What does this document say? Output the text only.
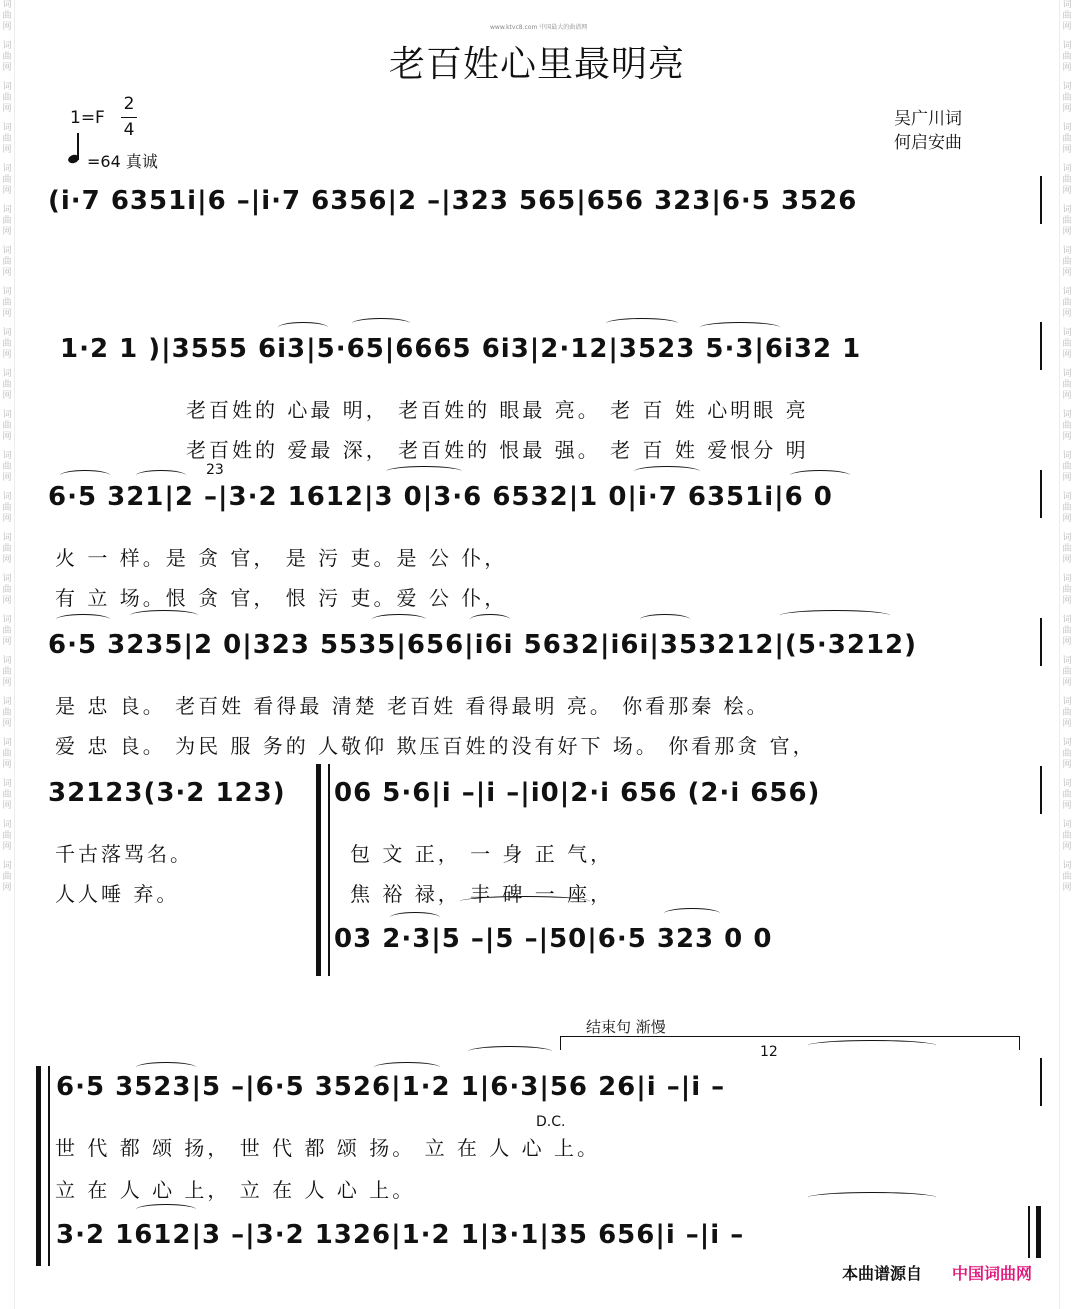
词
曲
网
词
曲
网
词
曲
网
词
曲
网
词
曲
网
词
曲
网
词
曲
网
词
曲
网
词
曲
网
词
曲
网
词
曲
网
词
曲
网
词
曲
网
词
曲
网
词
曲
网
词
曲
网
词
曲
网
词
曲
网
词
曲
网
词
曲
网
词
曲
网
词
曲
网
词
曲
网
词
曲
网
词
曲
网
词
曲
网
词
曲
网
词
曲
网
词
曲
网
词
曲
网
词
曲
网
词
曲
网
词
曲
网
词
曲
网
词
曲
网
词
曲
网
词
曲
网
词
曲
网
词
曲
网
词
曲
网
词
曲
网
词
曲
网
词
曲
网
词
曲
网
www.ktvc8.com 中国最大的曲谱网
老百姓心里最明亮
1=F
2
4
=64 真诚
吴广川词
何启安曲
(i·7 6351i|6 –|i·7 6356|2 –|323 565|656 323|6·5 3526
1·2 1 )|3555 6i3|5·65|6665 6i3|2·12|3523 5·3|6i32 1
老百姓的 心最 明， 老百姓的 眼最 亮。 老 百 姓 心明眼 亮
老百姓的 爱最 深， 老百姓的 恨最 强。 老 百 姓 爱恨分 明
23
6·5 321|2 –|3·2 1612|3 0|3·6 6532|1 0|i·7 6351i|6 0
火 一 样。是 贪 官， 是 污 吏。是 公 仆，
有 立 场。恨 贪 官， 恨 污 吏。爱 公 仆，
6·5 3235|2 0|323 5535|656|i6i 5632|i6i|353212|(5·3212)
是 忠 良。 老百姓 看得最 清楚 老百姓 看得最明 亮。 你看那秦 桧。
爱 忠 良。 为民 服 务的 人敬仰 欺压百姓的没有好下 场。 你看那贪 官，
32123(3·2 123) 06 5·6|i –|i –|i0|2·i 656 (2·i 656)
千古落骂名。
人人唾 弃。
包 文 正， 一 身 正 气，
焦 裕 禄， 丰 碑 一 座，
03 2·3|5 –|5 –|50|6·5 323 0 0
结束句 渐慢
12
6·5 3523|5 –|6·5 3526|1·2 1|6·3|56 26|i –|i –
D.C.
世 代 都 颂 扬， 世 代 都 颂 扬。 立 在 人 心 上。
立 在 人 心 上， 立 在 人 心 上。
3·2 1612|3 –|3·2 1326|1·2 1|3·1|35 656|i –|i –
本曲谱源自 中国词曲网
